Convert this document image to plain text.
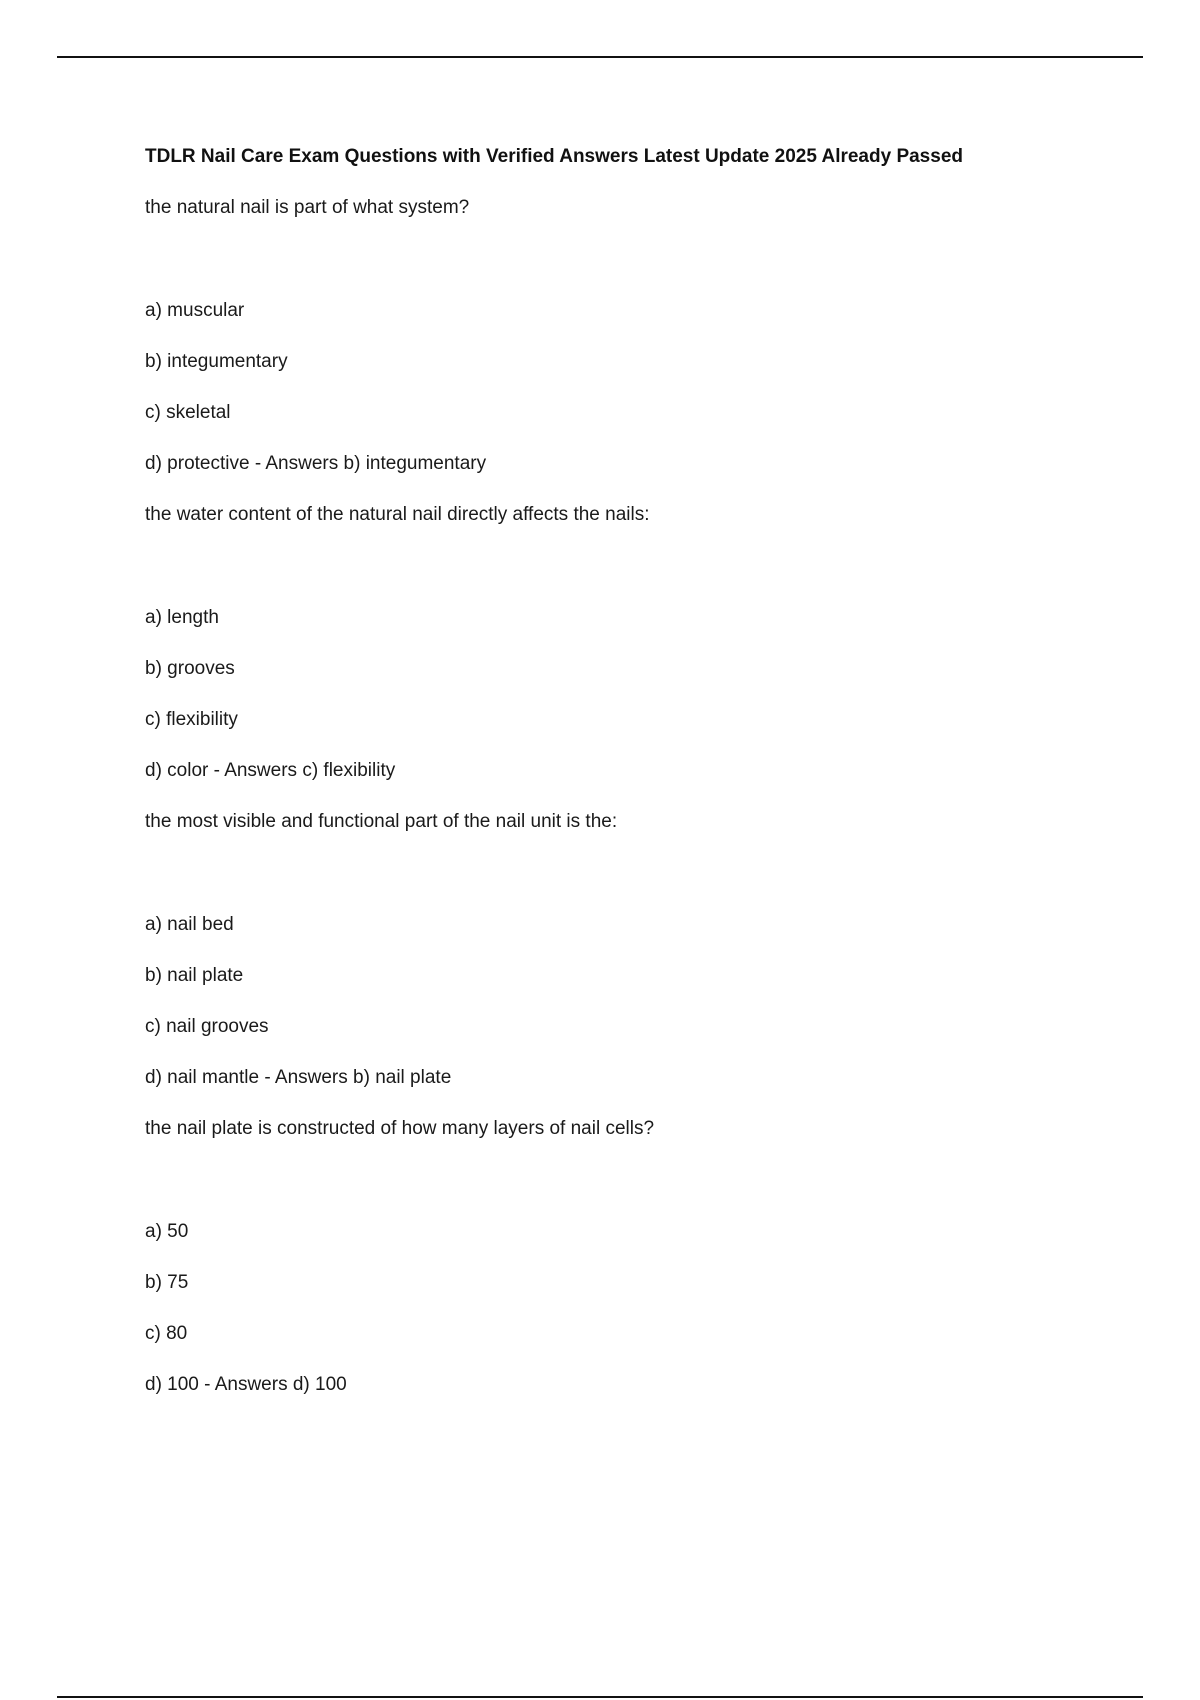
TDLR Nail Care Exam Questions with Verified Answers Latest Update 2025 Already Passed

the natural nail is part of what system?

a) muscular

b) integumentary

c) skeletal

d) protective - Answers b) integumentary

the water content of the natural nail directly affects the nails:

a) length

b) grooves

c) flexibility

d) color - Answers c) flexibility

the most visible and functional part of the nail unit is the:

a) nail bed

b) nail plate

c) nail grooves

d) nail mantle - Answers b) nail plate

the nail plate is constructed of how many layers of nail cells?

a) 50

b) 75

c) 80

d) 100 - Answers d) 100
